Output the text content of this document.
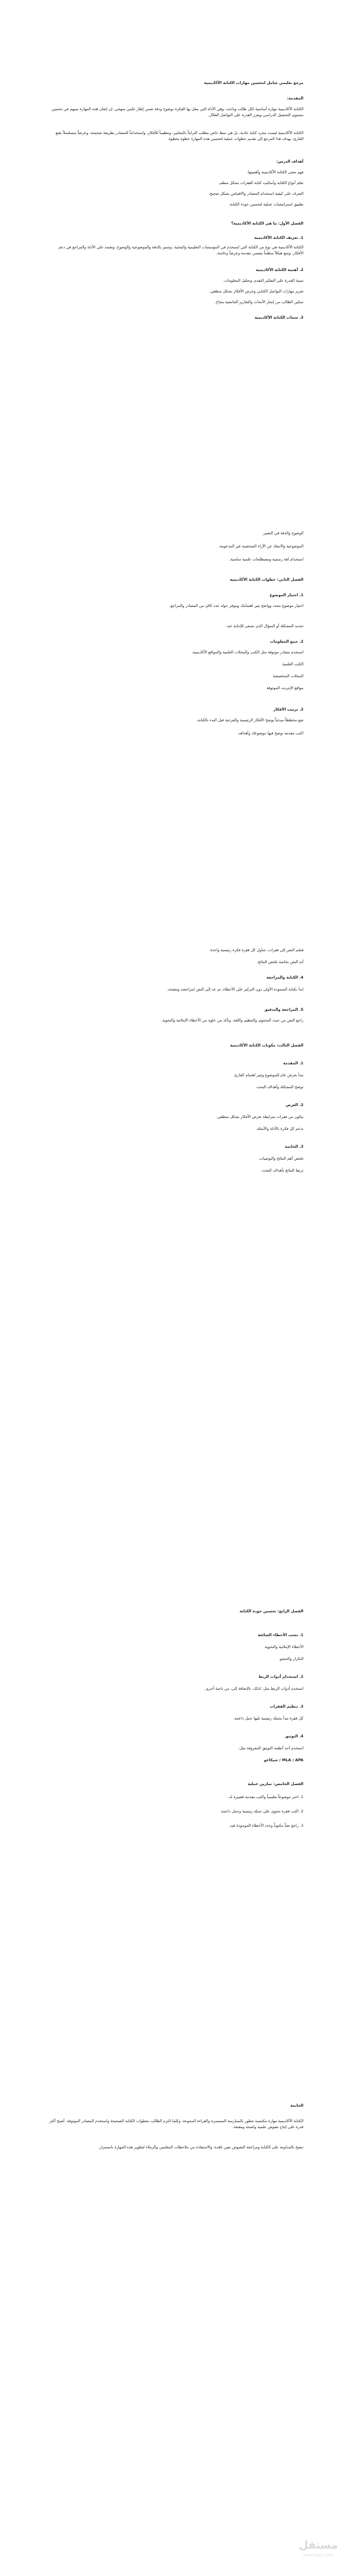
مرجع تعليمي شامل لتحسين مهارات الكتابة الأكاديمية

المقدمة:

الكتابة الأكاديمية مهارة أساسية لكل طالب وباحث، وهي الأداة التي ينقل بها الفكرة بوضوح ودقة ضمن إطار علمي منهجي. إن إتقان هذه المهارة يسهم في تحسين مستوى التحصيل الدراسي ويعزز القدرة على التواصل الفعّال.

الكتابة الأكاديمية ليست مجرد كتابة عادية، بل هي نمط خاص يتطلب التزاماً بالمعايير، وتنظيماً للأفكار، واستخداماً للمصادر بطريقة صحيحة، وعرضاً متسلسلاً يقنع القارئ. يهدف هذا المرجع إلى تقديم خطوات عملية لتحسين هذه المهارة خطوة بخطوة.

أهداف الدرس:

فهم معنى الكتابة الأكاديمية وأهميتها.

تعلم أنواع الكتابة وأساليب كتابة الفقرات بشكل منظم.

التعرف على كيفية استخدام المصادر والاقتباس بشكل صحيح.

تطبيق استراتيجيات عملية لتحسين جودة الكتابة.

الفصل الأول: ما هي الكتابة الأكاديمية؟

1. تعريف الكتابة الأكاديمية

الكتابة الأكاديمية هي نوع من الكتابة التي تُستخدم في المؤسسات التعليمية والبحثية، وتتميز بالدقة والموضوعية والوضوح، وتعتمد على الأدلة والمراجع في دعم الأفكار، وتتبع هيكلاً منظماً يتضمن مقدمة وعرضاً وخاتمة.

2. أهمية الكتابة الأكاديمية

تنمية القدرة على التفكير النقدي وتحليل المعلومات.

تعزيز مهارات التواصل الكتابي وعرض الأفكار بشكل منطقي.

تمكين الطالب من إنجاز الأبحاث والتقارير الجامعية بنجاح.

3. سمات الكتابة الأكاديمية

الوضوح والدقة في التعبير.

الموضوعية والابتعاد عن الآراء الشخصية غير المدعومة.

استخدام لغة رسمية ومصطلحات علمية مناسبة.

الفصل الثاني: خطوات الكتابة الأكاديمية

1. اختيار الموضوع

اختيار موضوع محدد وواضح يثير اهتمامك ويتوفر حوله عدد كافٍ من المصادر والمراجع.

تحديد المشكلة أو السؤال الذي تسعى للإجابة عنه.

2. جمع المعلومات

استخدم مصادر موثوقة مثل الكتب والمجلات العلمية والمواقع الأكاديمية.

الكتب العلمية

المجلات المتخصصة

مواقع الإنترنت الموثوقة

3. ترتيب الأفكار

ضع مخططاً مبدئياً يوضح الأفكار الرئيسية والفرعية قبل البدء بالكتابة.

اكتب مقدمة توضح فيها موضوعك وأهدافه.

قسّم النص إلى فقرات، تتناول كل فقرة فكرة رئيسية واحدة.

أنهِ النص بخاتمة تلخص النتائج.

4. الكتابة والمراجعة

ابدأ بكتابة المسودة الأولى دون التركيز على الأخطاء، ثم عد إلى النص لمراجعته وتنقيحه.

5. المراجعة والتدقيق

راجع النص من حيث المحتوى والتنظيم واللغة، وتأكد من خلوه من الأخطاء الإملائية والنحوية.

الفصل الثالث: مكونات الكتابة الأكاديمية

1. المقدمة

تبدأ بعرض عام للموضوع وتثير اهتمام القارئ.

توضح المشكلة وأهداف البحث.

2. العرض

يتكون من فقرات مترابطة تعرض الأفكار بشكل منطقي.

تدعم كل فكرة بالأدلة والأمثلة.

3. الخاتمة

تلخص أهم النتائج والتوصيات.

تربط النتائج بأهداف البحث.

الفصل الرابع: تحسين جودة الكتابة

1. تجنب الأخطاء الشائعة

الأخطاء الإملائية والنحوية.

التكرار والحشو.

2. استخدام أدوات الربط

استخدم أدوات الربط مثل: لذلك، بالإضافة إلى، من ناحية أخرى.

3. تنظيم الفقرات

كل فقرة تبدأ بجملة رئيسية تليها جمل داعمة.

4. التوثيق

استخدم أحد أنظمة التوثيق المعروفة مثل:

MLA / APA / شيكاغو

الفصل الخامس: تمارين عملية

1. اختر موضوعاً تعليمياً واكتب مقدمة قصيرة له.

2. اكتب فقرة تحتوي على جملة رئيسية وجمل داعمة.

3. راجع نصاً مكتوباً وحدد الأخطاء الموجودة فيه.

الخاتمة

الكتابة الأكاديمية مهارة مكتسبة تتطور بالممارسة المستمرة والقراءة المتنوعة، وكلما التزم الطالب بخطوات الكتابة الصحيحة واستخدم المصادر الموثوقة، أصبح أكثر قدرة على إنتاج نصوص علمية واضحة ومقنعة.

ننصح بالمداومة على الكتابة ومراجعة النصوص بعين ناقدة، والاستفادة من ملاحظات المعلمين والزملاء لتطوير هذه المهارة باستمرار.

مستقل
mostaql.com
